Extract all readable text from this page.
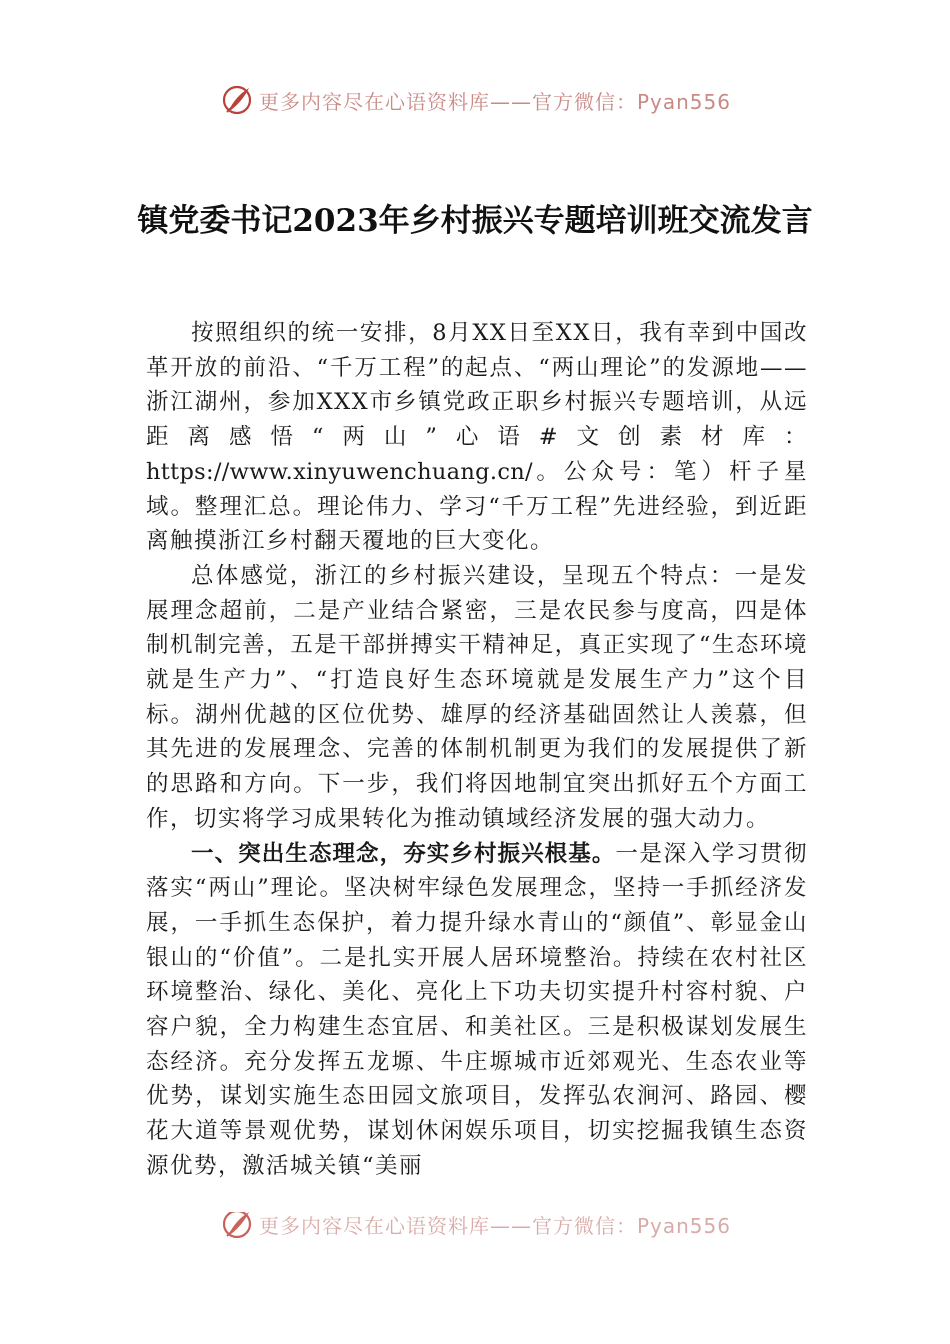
更多内容尽在心语资料库——官方微信：Pyan556
镇党委书记2023年乡村振兴专题培训班交流发言

按照组织的统一安排，8月XX日至XX日，我有幸到中国改革开放的前沿、“千万工程”的起点、“两山理论”的发源地——浙江湖州，参加XXX市乡镇党政正职乡村振兴专题培训，从远距离感悟“两山”心语#文创素材库：https://www.xinyuwenchuang.cn/。公众号：笔）杆子星域。整理汇总。理论伟力、学习“千万工程”先进经验，到近距离触摸浙江乡村翻天覆地的巨大变化。

总体感觉，浙江的乡村振兴建设，呈现五个特点：一是发展理念超前，二是产业结合紧密，三是农民参与度高，四是体制机制完善，五是干部拼搏实干精神足，真正实现了“生态环境就是生产力”、“打造良好生态环境就是发展生产力”这个目标。湖州优越的区位优势、雄厚的经济基础固然让人羡慕，但其先进的发展理念、完善的体制机制更为我们的发展提供了新的思路和方向。下一步，我们将因地制宜突出抓好五个方面工作，切实将学习成果转化为推动镇域经济发展的强大动力。

一、突出生态理念，夯实乡村振兴根基。一是深入学习贯彻落实“两山”理论。坚决树牢绿色发展理念，坚持一手抓经济发展，一手抓生态保护，着力提升绿水青山的“颜值”、彰显金山银山的“价值”。二是扎实开展人居环境整治。持续在农村社区环境整治、绿化、美化、亮化上下功夫切实提升村容村貌、户容户貌，全力构建生态宜居、和美社区。三是积极谋划发展生态经济。充分发挥五龙塬、牛庄塬城市近郊观光、生态农业等优势，谋划实施生态田园文旅项目，发挥弘农涧河、路园、樱花大道等景观优势，谋划休闲娱乐项目，切实挖掘我镇生态资源优势，激活城关镇“美丽

更多内容尽在心语资料库——官方微信：Pyan556
